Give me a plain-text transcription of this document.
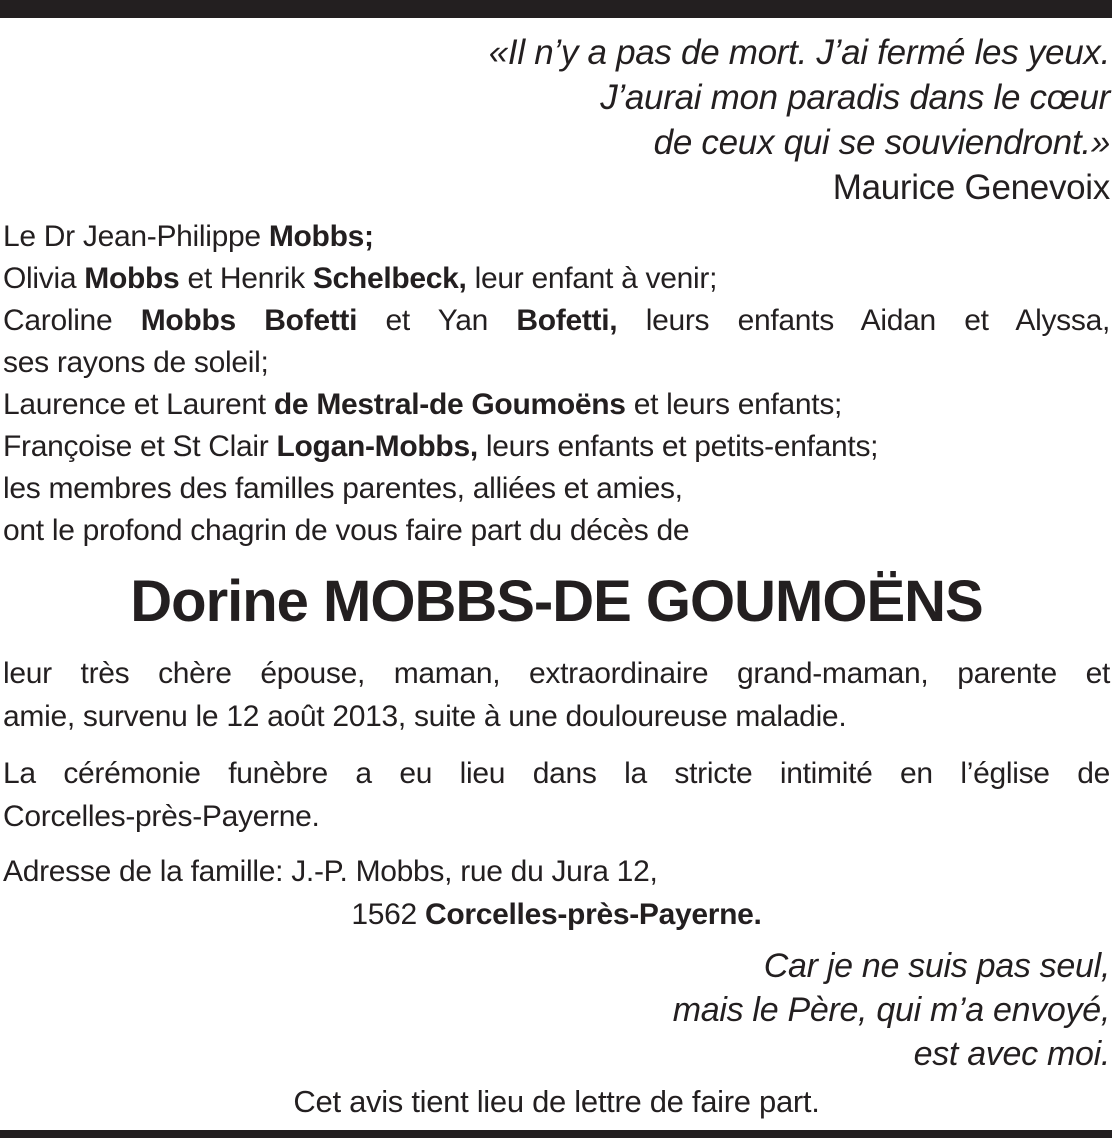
«Il n’y a pas de mort. J’ai fermé les yeux.
J’aurai mon paradis dans le cœur
de ceux qui se souviendront.»
Maurice Genevoix
Le Dr Jean-Philippe Mobbs;
Olivia Mobbs et Henrik Schelbeck, leur enfant à venir;
Caroline Mobbs Bofetti et Yan Bofetti, leurs enfants Aidan et Alyssa,
ses rayons de soleil;
Laurence et Laurent de Mestral-de Goumoëns et leurs enfants;
Françoise et St Clair Logan-Mobbs, leurs enfants et petits-enfants;
les membres des familles parentes, alliées et amies,
ont le profond chagrin de vous faire part du décès de
Dorine MOBBS-DE GOUMOËNS
leur très chère épouse, maman, extraordinaire grand-maman, parente et
amie, survenu le 12 août 2013, suite à une douloureuse maladie.
La cérémonie funèbre a eu lieu dans la stricte intimité en l’église de
Corcelles-près-Payerne.
Adresse de la famille: J.-P. Mobbs, rue du Jura 12,
1562 Corcelles-près-Payerne.
Car je ne suis pas seul,
mais le Père, qui m’a envoyé,
est avec moi.
Cet avis tient lieu de lettre de faire part.
